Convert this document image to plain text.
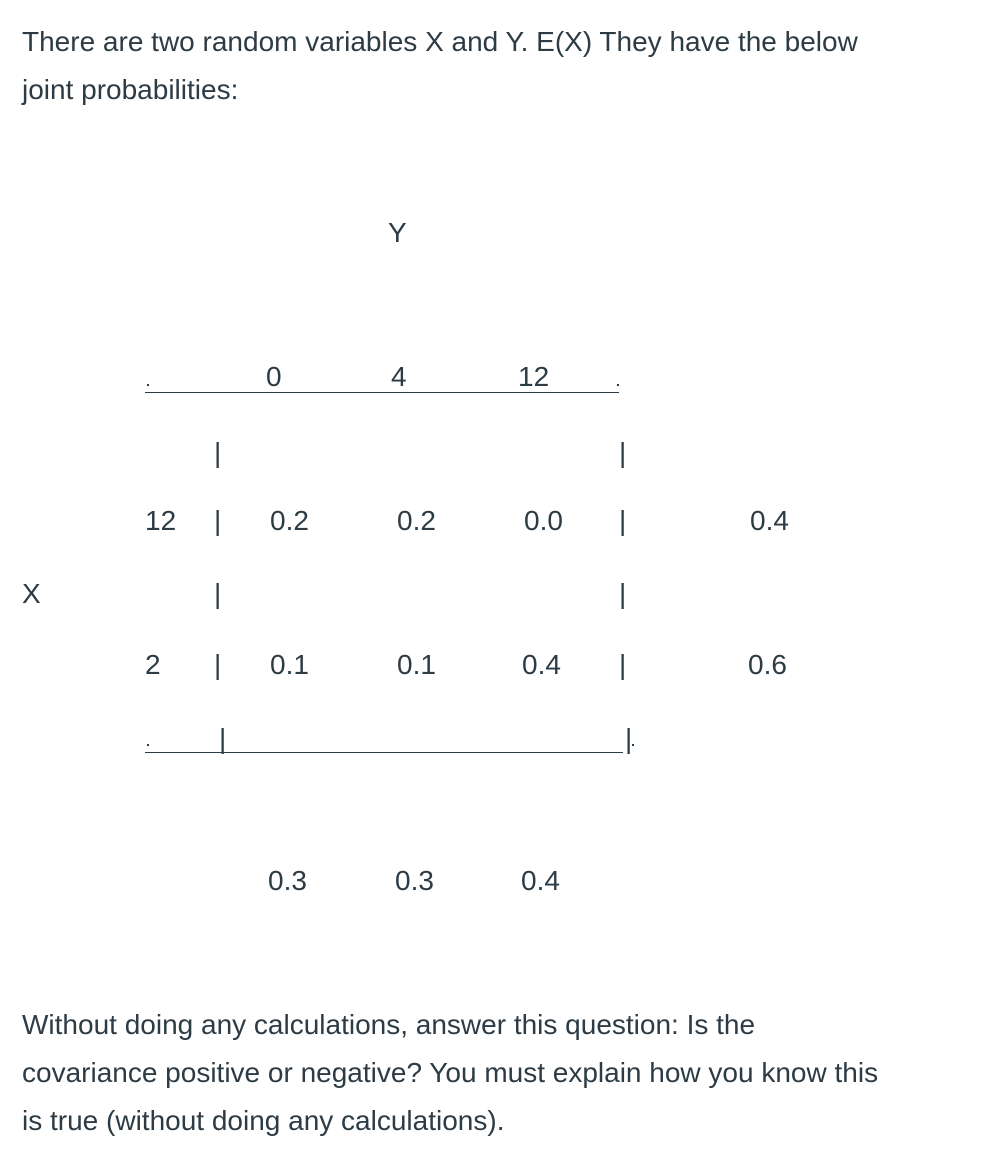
There are two random variables X and Y. E(X) They have the below
joint probabilities:
Y
0	4	12
|	|
12 | 0.2	0.2	0.0 |	0.4
X	|	|
2 | 0.1	0.1	0.4 |	0.6
|	|
0.3	0.3	0.4
Without doing any calculations, answer this question: Is the
covariance positive or negative? You must explain how you know this
is true (without doing any calculations).
